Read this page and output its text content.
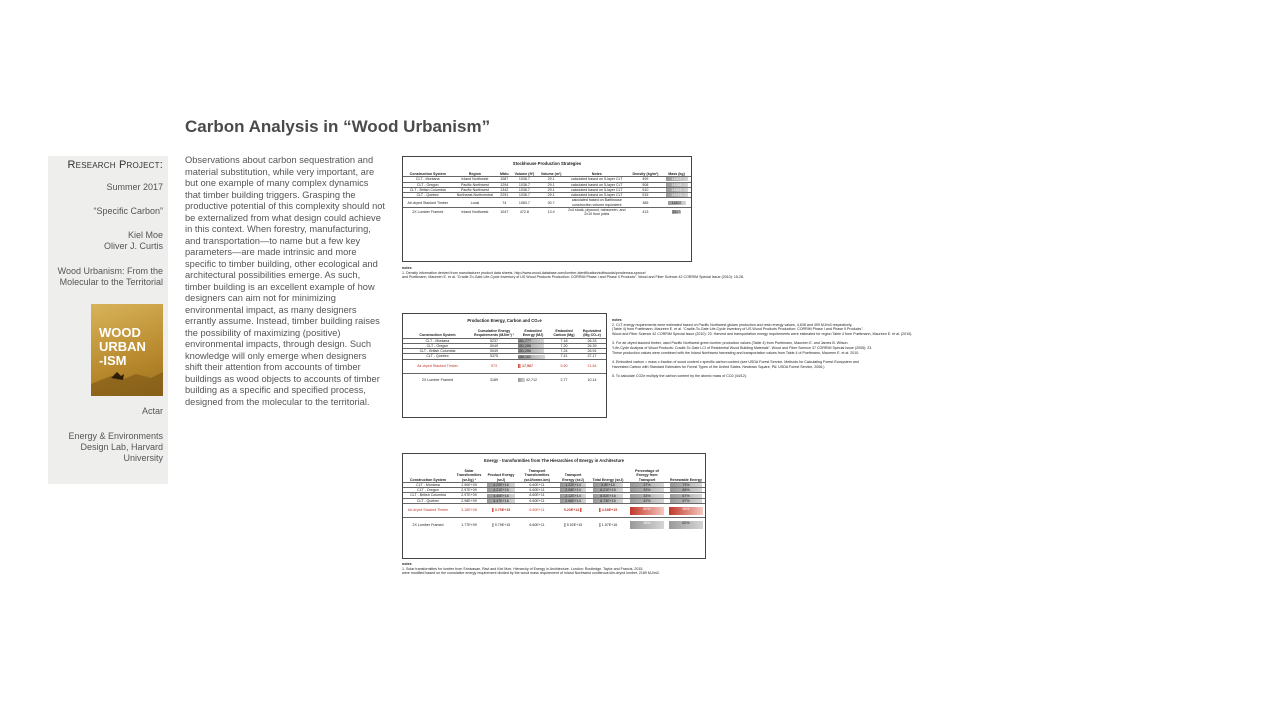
Carbon Analysis in “Wood Urbanism”
Research Project:
Summer 2017
“Specific Carbon”
Kiel Moe
Oliver J. Curtis
Wood Urbanism: From the
Molecular to the Territorial
WOOD
URBAN
-ISM
Actar
Energy & Environments
Design Lab, Harvard
University
Observations about carbon sequestration and material substitution, while very important, are but one example of many complex dynamics that timber building triggers. Grasping the productive potential of this complexity should not be externalized from what design could achieve in this context. When forestry, manufacturing, and transportation—to name but a few key parameters—are made intrinsic and more specific to timber building, other ecological and architectural possibilities emerge. As such, timber building is an excellent example of how designers can aim not for minimizing environmental impact, as many designers errantly assume. Instead, timber building raises the possibility of maximizing (positive) environmental impacts, through design. Such knowledge will only emerge when designers shift their attention from accounts of timber buildings as wood objects to accounts of timber building as a specific and specified process, designed from the molecular to the territorial.
Stockhouse Production Strategies
Construction System	Region	Mbtu	Volume (ft³)	Volume (m³)	Notes	Density (kg/m³)	Mass (kg)
CLT - Montana	Inland Northwest	1087	1036.7	29.1	calculated based on 5-layer CLT	499	14507
CLT - Oregon	Pacific Northwest	1294	1036.7	29.1	calculated based on 5-layer CLT	508	14326
CLT - British Columbia	Pacific Northwest	1342	1036.7	29.1	calculated based on 5-layer CLT	510	14821
CLT - Quebec	Northeast-Northcentral	2291	1036.7	29.1	calculated based on 5-layer CLT	515	14973
Air-dryed Stacked Timber	Local	74	1083.7	30.7	calculated based on Bathhouse construction volume equivalent	385	11802
2X Lumber Framed	Inland Northwest	1047	472.8	13.4	2x4 studs, plywood, rainscreen, and 2x10 floor joists	413	5523
notes
1. Density information derived from manufacturer product data sheets, http://www.wood-database.com/lumber-identification/softwoods/ponderosa-spruce/
and Puettmann, Maureen E. et al. “Cradle-To-Gate Life-Cycle Inventory of US Wood Products Production: CORRIM Phase I and Phase II Products”. Wood and Fiber Science 42 CORRIM Special Issue (2010): 15-28.
Production Energy, Carbon and CO₂e
Construction System	Cumulative Energy Requirements (MJ/m³) ³	Embodied Energy (MJ)	Embodied Carbon (Mg)	Equivalent (Mg CO₂e)
CLT - Montana	5237	151,777	7.18	26.33
CLT - Oregon	5049	151,286	7.20	26.39
CLT - British Columbia	5049	151,286	7.24	26.91
CLT - Quebec	5375	156,162	7.41	27.17
Air-dryed Stacked Timber	573	17,567	5.90	21.64
2X Lumber Framed	3189	42,712	2.77	10.14
notes
2. CLT energy requirements were estimated based on Pacific Northwest glulam production and resin energy values, 4,638 and 499 MJ/m3 respectively,
(Table 4) from Puettmann, Maureen E. et al. “Cradle-To-Gate Life-Cycle Inventory of US Wood Products Production: CORRIM Phase I and Phase II Products”.
Wood and Fiber Science 42 CORRIM Special Issue (2010): 23. Harvest and transportation energy requirements were estimated for region Table 4 from Puettmann, Maureen E. et al. (2010).
3. For air-dryed stacked timber, used Pacific Northwest green lumber production values (Table 4) from Puettmann, Maureen E. and James B. Wilson.
“Life-Cycle Analysis of Wood Products: Cradle-To-Gate LCI of Residential Wood Building Materials”. Wood and Fiber Science 37 CORRIM Special Issue (2005): 23.
These production values were combined with the Inland Northwest harvesting and transportation values from Table 4 of Puettmann, Maureen E. et al. 2010.
4. Embodied carbon = mass x fraction of wood content x specific carbon content (see USDA Forest Service. Methods for Calculating Forest Ecosystem and
Harvested Carbon with Standard Estimates for Forest Types of the United States. Newtown Square, PA: USDA Forest Service, 2006.)
5. To calculate CO2e multiply the carbon content by the atomic mass of CO2 (44/12).
Energy - transformities from The Hierarchies of Energy in Architecture
Construction System	Solar Transformities (seJ/g) ¹	Product Energy (seJ)	Transport Transformities (seJ/tonne-km)	Transport Energy (seJ)	Total Energy (seJ)	Percentage of Energy from Transport	Renewable Energy
CLT - Montana	2.90E+09	4.20E+16	6.60E+11	1.22E+14	5.8E+16	37%	73%
CLT - Oregon	2.97E+09	4.21E+16	6.60E+11	2.08E+14	6.21E+16	33%	68%
CLT - British Columbia	2.97E+09	4.40E+16	6.60E+11	2.12E+14	6.52E+16	33%	67%
CLT - Quebec	2.98E+09	4.47E+16	6.60E+11	2.66E+14	6.73E+16	42%	57%
Air-dryed Stacked Timber	3.18E+08	3.75E+15	6.60E+11	9.20E+14	4.68E+15	80%	96%
2X Lumber Framed	1.77E+09	9.79E+15	6.60E+11	5.92E+15	1.57E+16	38%	62%
notes
1. Solar transformities for lumber from Srinivasan, Ravi and Kiel Moe, Hierarchy of Energy in Architecture. London: Routledge, Taylor and Francis, 2015,
were modified based on the cumulative energy requirement divided by the wood mass requirement of Inland Northwest coniferous kiln-dryed lumber, 2189 MJ/m3.
